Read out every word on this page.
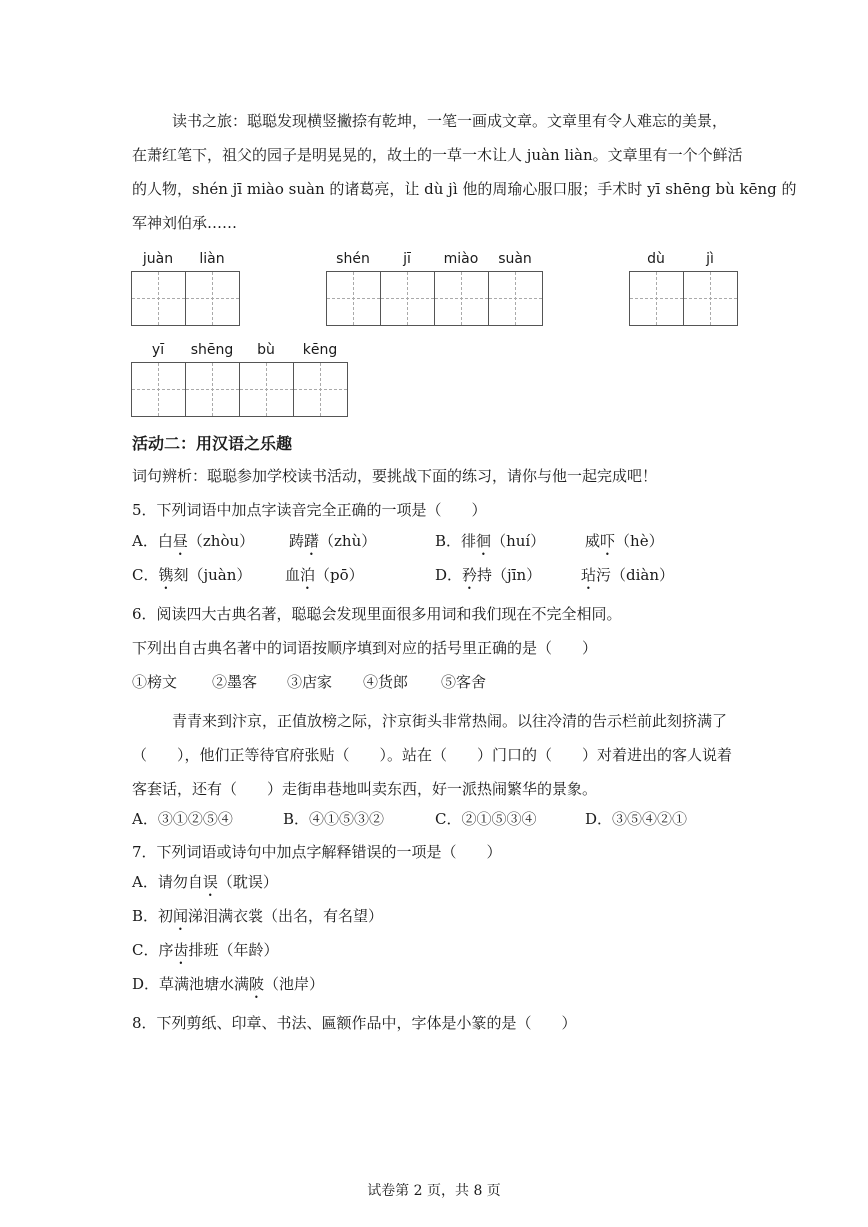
读书之旅：聪聪发现横竖撇捺有乾坤，一笔一画成文章。文章里有令人难忘的美景，
在萧红笔下，祖父的园子是明晃晃的，故土的一草一木让人 juàn liàn。文章里有一个个鲜活
的人物，shén jī miào suàn 的诸葛亮，让 dù jì 他的周瑜心服口服；手术时 yī shēng bù kēng 的
军神刘伯承……
juàn	liàn	shén	jī	miào	suàn	dù	jì
yī	shēng	bù	kēng
活动二：用汉语之乐趣
词句辨析：聪聪参加学校读书活动，要挑战下面的练习，请你与他一起完成吧！
5．下列词语中加点字读音完全正确的一项是（　　）
A．白昼（zhòu） 踌躇（zhù）	B．徘徊（huí）	威吓（hè）
C．镌刻（juàn） 血泊（pō）	D．矜持（jīn）	玷污（diàn）
6．阅读四大古典名著，聪聪会发现里面很多用词和我们现在不完全相同。
下列出自古典名著中的词语按顺序填到对应的括号里正确的是（　　）
①榜文 ②墨客 ③店家 ④货郎 ⑤客舍
青青来到汴京，正值放榜之际，汴京街头非常热闹。以往冷清的告示栏前此刻挤满了
（　　），他们正等待官府张贴（　　）。站在（　　）门口的（　　）对着进出的客人说着
客套话，还有（　　）走街串巷地叫卖东西，好一派热闹繁华的景象。
A．③①②⑤④	B．④①⑤③②	C．②①⑤③④	D．③⑤④②①
7．下列词语或诗句中加点字解释错误的一项是（　　）
A．请勿自误（耽误）
B．初闻涕泪满衣裳（出名，有名望）
C．序齿排班（年龄）
D．草满池塘水满陂（池岸）
8．下列剪纸、印章、书法、匾额作品中，字体是小篆的是（　　）
试卷第 2 页，共 8 页
